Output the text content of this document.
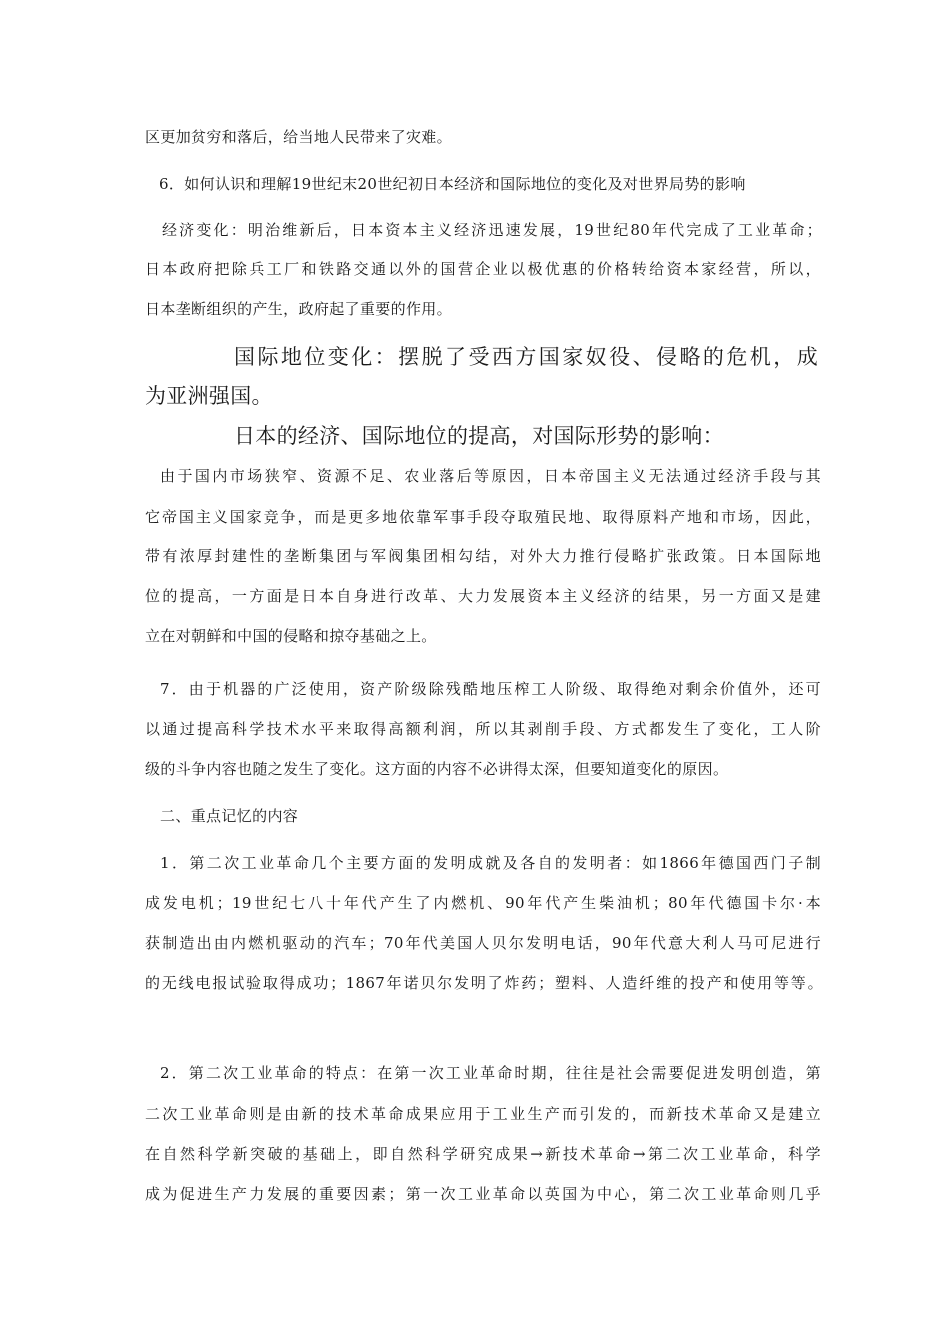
区更加贫穷和落后，给当地人民带来了灾难。
6．如何认识和理解19世纪末20世纪初日本经济和国际地位的变化及对世界局势的影响
经济变化：明治维新后，日本资本主义经济迅速发展，19世纪80年代完成了工业革命；
日本政府把除兵工厂和铁路交通以外的国营企业以极优惠的价格转给资本家经营，所以，
日本垄断组织的产生，政府起了重要的作用。
国际地位变化：摆脱了受西方国家奴役、侵略的危机，成
为亚洲强国。
日本的经济、国际地位的提高，对国际形势的影响：
由于国内市场狭窄、资源不足、农业落后等原因，日本帝国主义无法通过经济手段与其
它帝国主义国家竞争，而是更多地依靠军事手段夺取殖民地、取得原料产地和市场，因此，
带有浓厚封建性的垄断集团与军阀集团相勾结，对外大力推行侵略扩张政策。日本国际地
位的提高，一方面是日本自身进行改革、大力发展资本主义经济的结果，另一方面又是建
立在对朝鲜和中国的侵略和掠夺基础之上。
7．由于机器的广泛使用，资产阶级除残酷地压榨工人阶级、取得绝对剩余价值外，还可
以通过提高科学技术水平来取得高额利润，所以其剥削手段、方式都发生了变化，工人阶
级的斗争内容也随之发生了变化。这方面的内容不必讲得太深，但要知道变化的原因。
二、重点记忆的内容
1．第二次工业革命几个主要方面的发明成就及各自的发明者：如1866年德国西门子制
成发电机；19世纪七八十年代产生了内燃机、90年代产生柴油机；80年代德国卡尔·本
获制造出由内燃机驱动的汽车；70年代美国人贝尔发明电话，90年代意大利人马可尼进行
的无线电报试验取得成功；1867年诺贝尔发明了炸药；塑料、人造纤维的投产和使用等等。
2．第二次工业革命的特点：在第一次工业革命时期，往往是社会需要促进发明创造，第
二次工业革命则是由新的技术革命成果应用于工业生产而引发的，而新技术革命又是建立
在自然科学新突破的基础上，即自然科学研究成果→新技术革命→第二次工业革命，科学
成为促进生产力发展的重要因素；第一次工业革命以英国为中心，第二次工业革命则几乎
